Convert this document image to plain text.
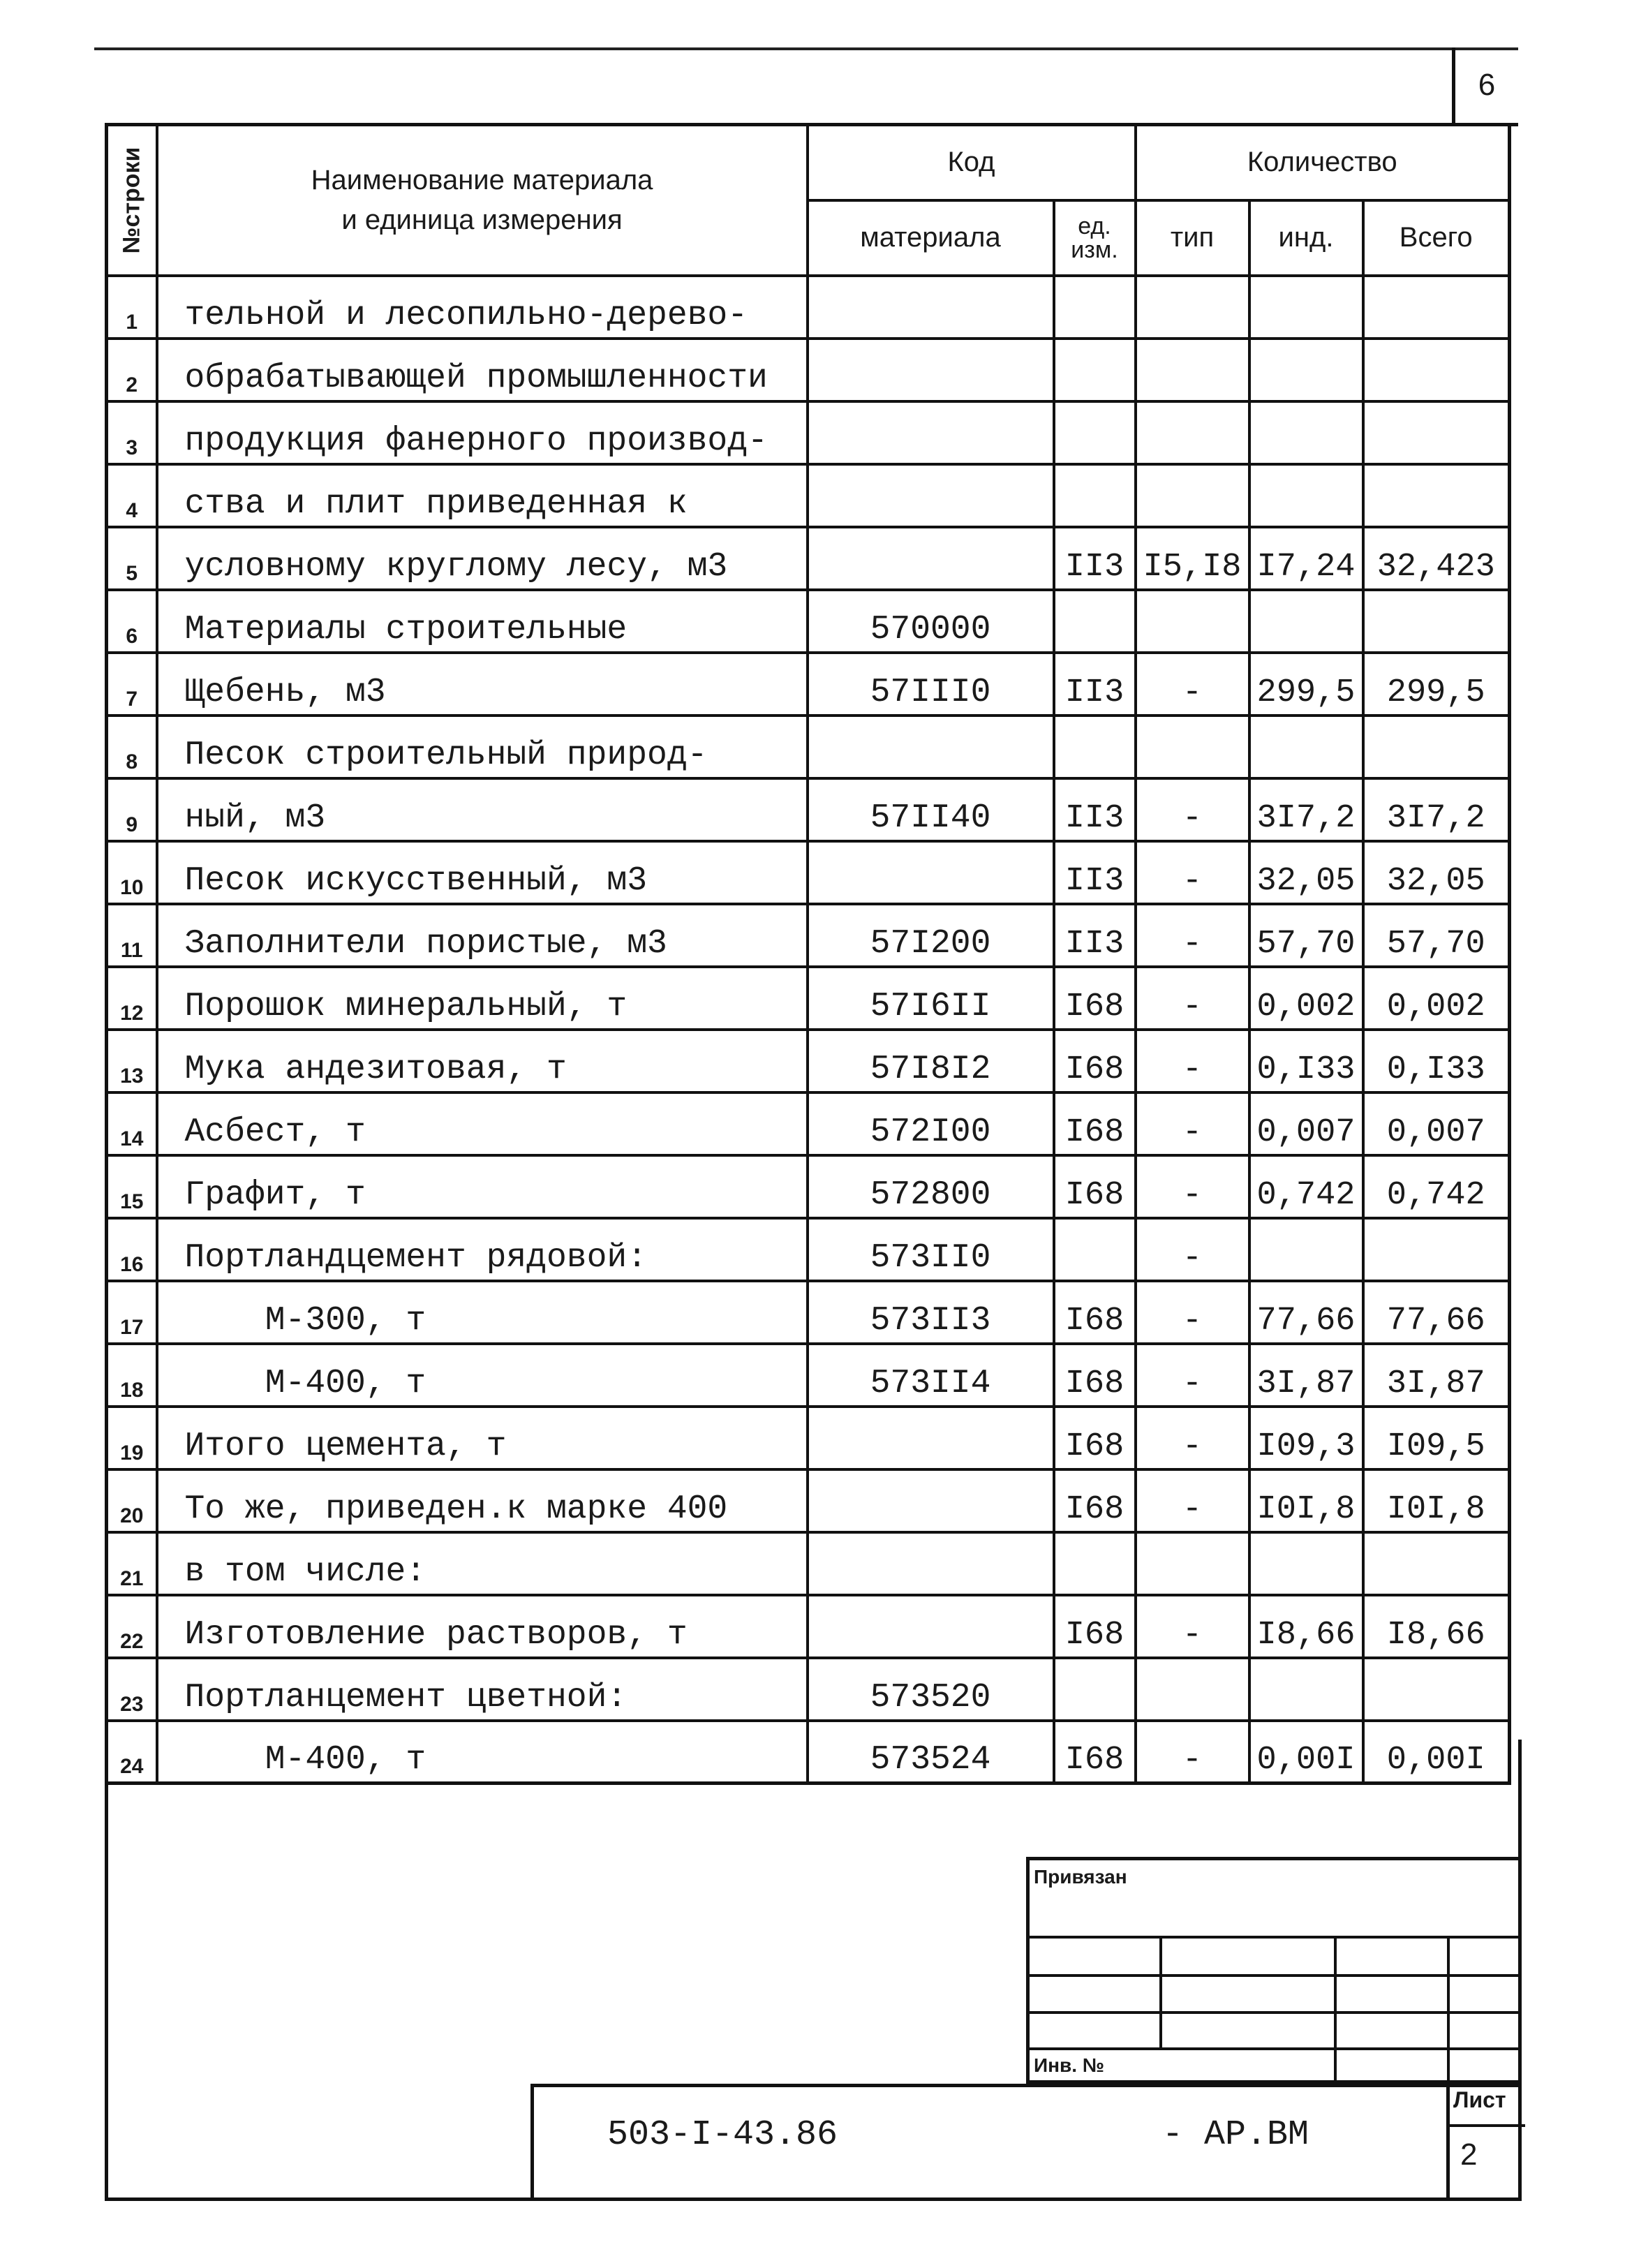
6
№строки	Наименование материала
и единица измерения	Код		Количество		
		материала	ед. изм.	тип	инд.	Всего
1	тельной и лесопильно-дерево-					
2	обрабатывающей промышленности					
3	продукция фанерного производ-					
4	ства и плит приведенная к					
5	условному круглому лесу, м3		II3	I5,I8	I7,24	32,423
6	Материалы строительные	570000				
7	Щебень, м3	57III0	II3	-	299,5	299,5
8	Песок строительный природ-					
9	ный, м3	57II40	II3	-	3I7,2	3I7,2
10	Песок искусственный, м3		II3	-	32,05	32,05
11	Заполнители пористые, м3	57I200	II3	-	57,70	57,70
12	Порошок минеральный, т	57I6II	I68	-	0,002	0,002
13	Мука андезитовая, т	57I8I2	I68	-	0,I33	0,I33
14	Асбест, т	572I00	I68	-	0,007	0,007
15	Графит, т	572800	I68	-	0,742	0,742
16	Портландцемент рядовой:	573II0		-		
17	М-300, т	573II3	I68	-	77,66	77,66
18	М-400, т	573II4	I68	-	3I,87	3I,87
19	Итого цемента, т		I68	-	I09,3	I09,5
20	То же, приведен.к марке 400		I68	-	I0I,8	I0I,8
21	в том числе:					
22	Изготовление растворов, т		I68	-	I8,66	I8,66
23	Портланцемент цветной:	573520				
24	М-400, т	573524	I68	-	0,00I	0,00I
Привязан
Инв. №
503-I-43.86	- АР.ВМ
Лист
2
